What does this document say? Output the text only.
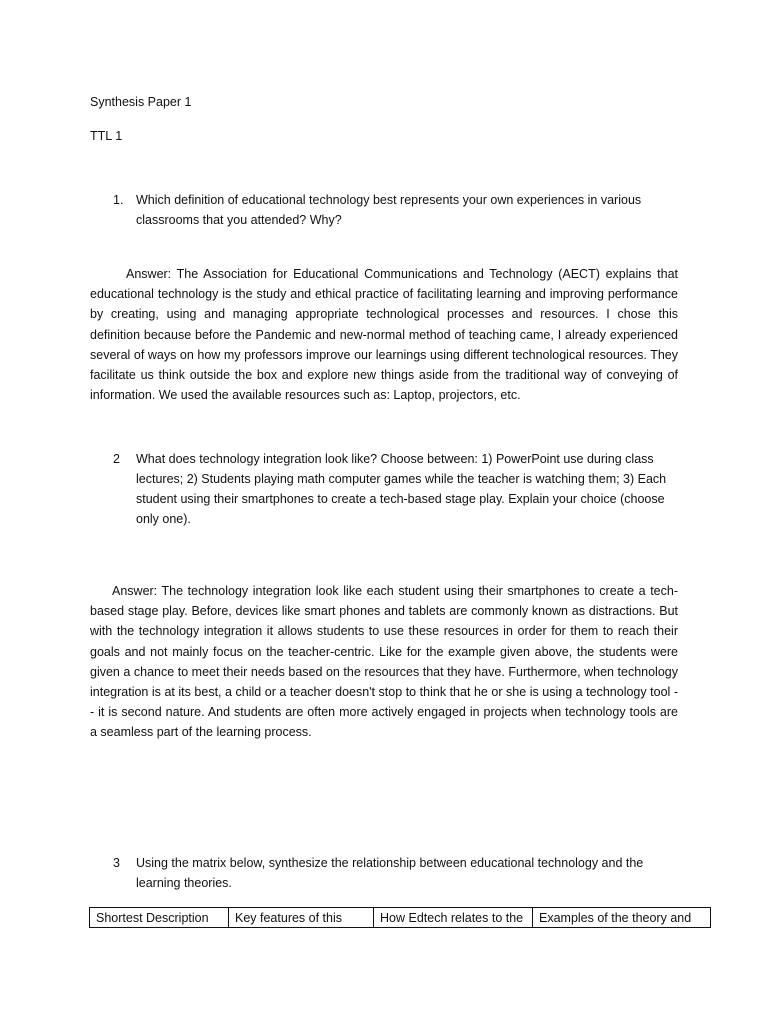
Synthesis Paper 1
TTL 1
1. Which definition of educational technology best represents your own experiences in various classrooms that you attended? Why?

Answer: The Association for Educational Communications and Technology (AECT) explains that educational technology is the study and ethical practice of facilitating learning and improving performance by creating, using and managing appropriate technological processes and resources. I chose this definition because before the Pandemic and new-normal method of teaching came, I already experienced several of ways on how my professors improve our learnings using different technological resources. They facilitate us think outside the box and explore new things aside from the traditional way of conveying of information. We used the available resources such as: Laptop, projectors, etc.

2 What does technology integration look like? Choose between: 1) PowerPoint use during class lectures; 2) Students playing math computer games while the teacher is watching them; 3) Each student using their smartphones to create a tech-based stage play. Explain your choice (choose only one).

Answer: The technology integration look like each student using their smartphones to create a tech-based stage play. Before, devices like smart phones and tablets are commonly known as distractions. But with the technology integration it allows students to use these resources in order for them to reach their goals and not mainly focus on the teacher-centric. Like for the example given above, the students were given a chance to meet their needs based on the resources that they have. Furthermore, when technology integration is at its best, a child or a teacher doesn't stop to think that he or she is using a technology tool -- it is second nature. And students are often more actively engaged in projects when technology tools are a seamless part of the learning process.

3 Using the matrix below, synthesize the relationship between educational technology and the learning theories.
Shortest Description	Key features of this	How Edtech relates to the	Examples of the theory and
